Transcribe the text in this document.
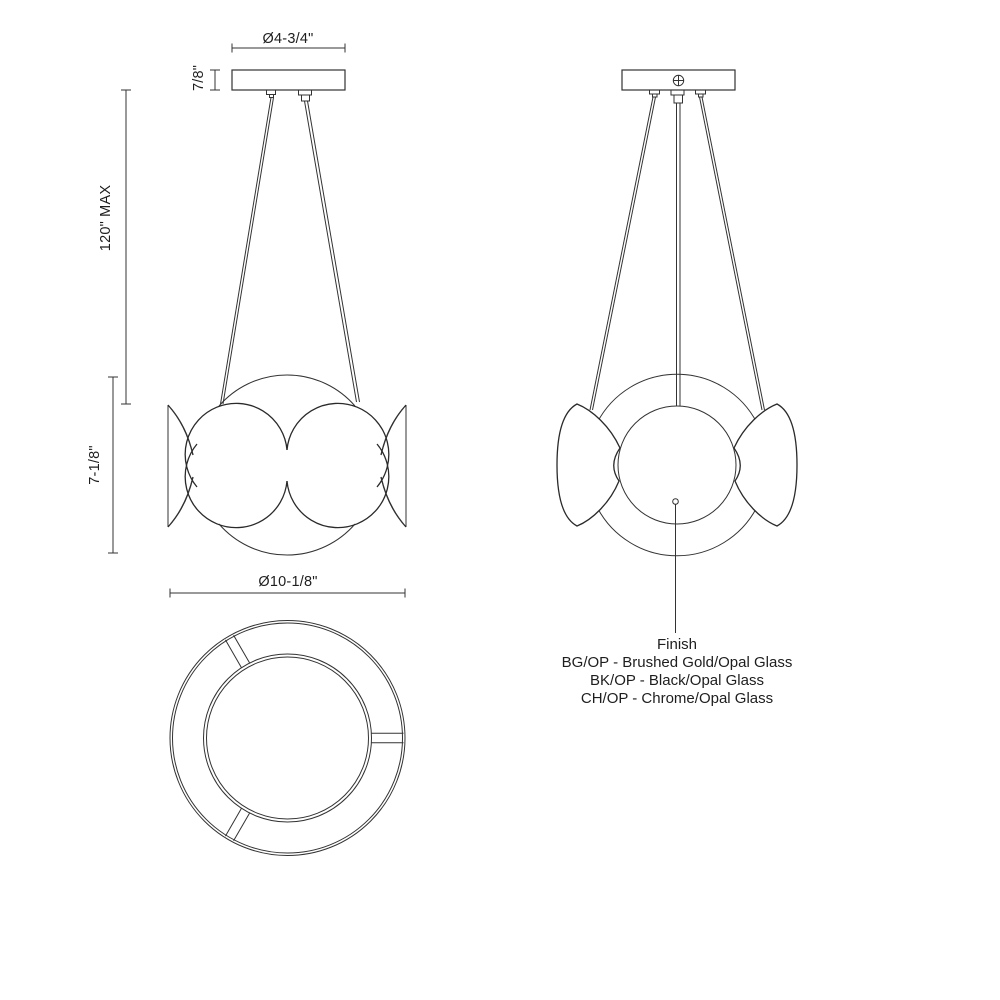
Ø4-3/4"
7/8"
120" MAX
7-1/8"
Ø10-1/8"
Finish
BG/OP - Brushed Gold/Opal Glass
BK/OP - Black/Opal Glass
CH/OP - Chrome/Opal Glass
